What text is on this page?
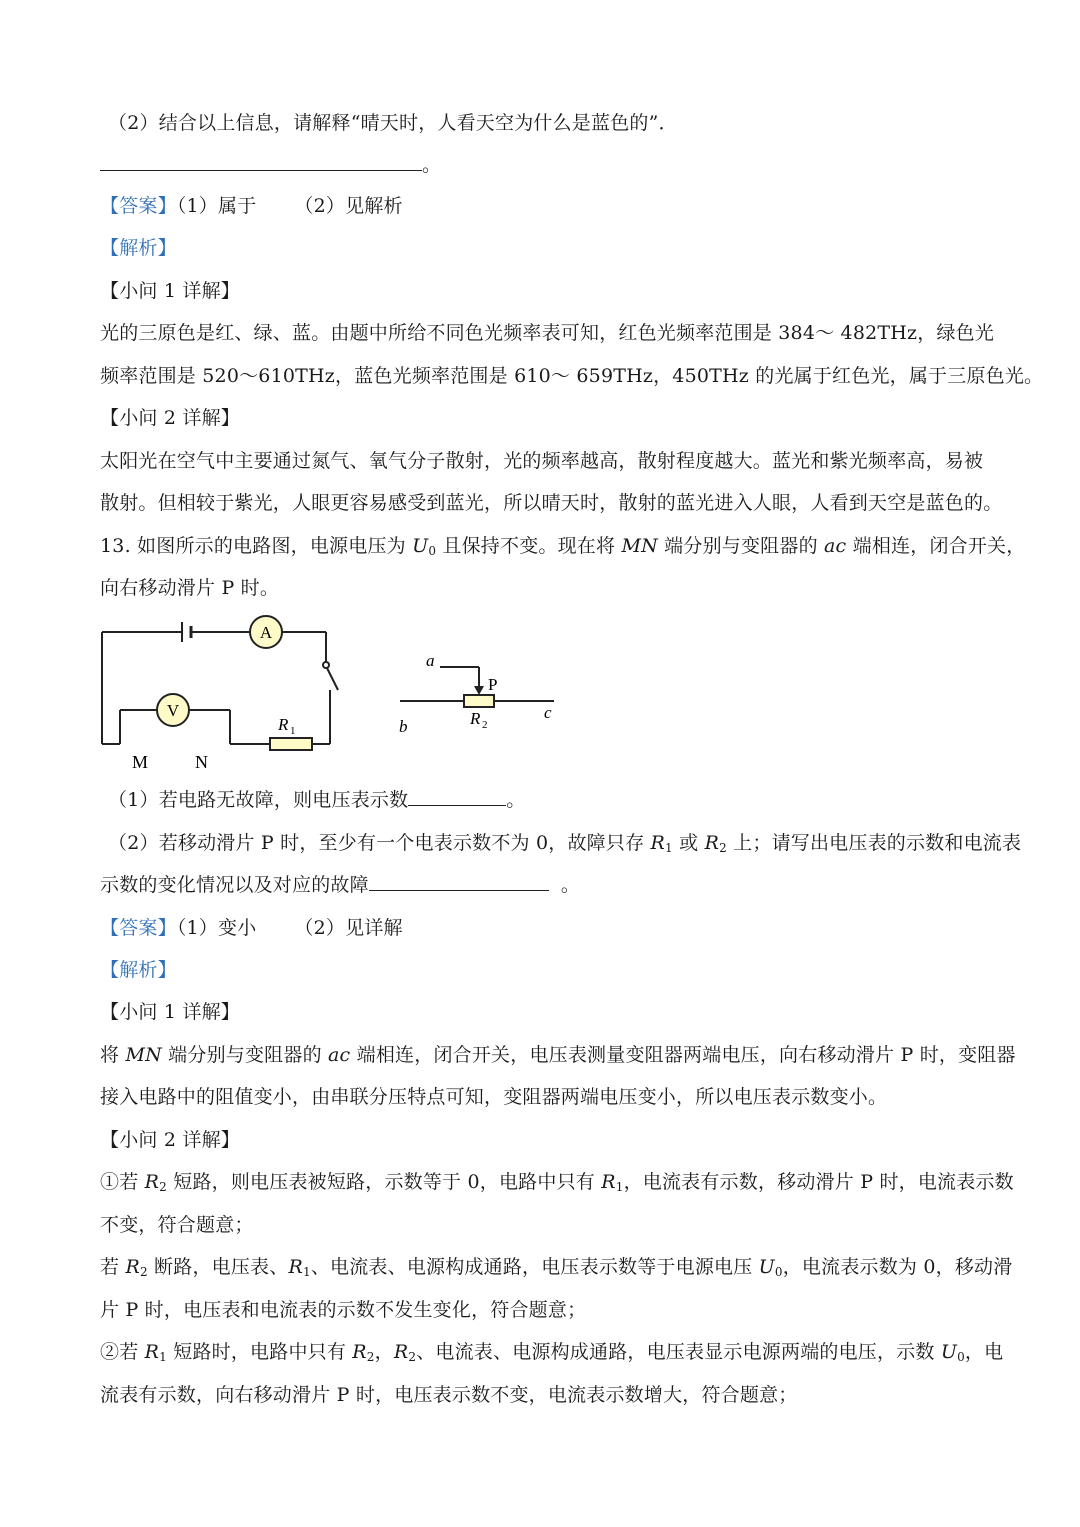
（2）结合以上信息，请解释“晴天时，人看天空为什么是蓝色的”．
。
【答案】（1）属于 （2）见解析
【解析】
【小问 1 详解】
光的三原色是红、绿、蓝。由题中所给不同色光频率表可知，红色光频率范围是 384～ 482THz，绿色光
频率范围是 520～610THz，蓝色光频率范围是 610～ 659THz，450THz 的光属于红色光，属于三原色光。
【小问 2 详解】
太阳光在空气中主要通过氮气、氧气分子散射，光的频率越高，散射程度越大。蓝光和紫光频率高，易被
散射。但相较于紫光，人眼更容易感受到蓝光，所以晴天时，散射的蓝光进入人眼，人看到天空是蓝色的。
13. 如图所示的电路图，电源电压为 $U_0$ 且保持不变。现在将 MN 端分别与变阻器的 ac 端相连，闭合开关，
向右移动滑片 P 时。
A
V
R 1
M	N
a
P
b
c
R 2
（1）若电路无故障，则电压表示数	。
（2）若移动滑片 P 时，至少有一个电表示数不为 0，故障只存 $R_1$ 或 $R_2$ 上；请写出电压表的示数和电流表
示数的变化情况以及对应的故障	。
【答案】（1）变小 （2）见详解
【解析】
【小问 1 详解】
将 MN 端分别与变阻器的 ac 端相连，闭合开关，电压表测量变阻器两端电压，向右移动滑片 P 时，变阻器
接入电路中的阻值变小，由串联分压特点可知，变阻器两端电压变小，所以电压表示数变小。
【小问 2 详解】
①若 $R_2$ 短路，则电压表被短路，示数等于 0，电路中只有 $R_1$，电流表有示数，移动滑片 P 时，电流表示数
不变，符合题意；
若 $R_2$ 断路，电压表、$R_1$、电流表、电源构成通路，电压表示数等于电源电压 $U_0$，电流表示数为 0，移动滑
片 P 时，电压表和电流表的示数不发生变化，符合题意；
②若 $R_1$ 短路时，电路中只有 $R_2$，$R_2$、电流表、电源构成通路，电压表显示电源两端的电压，示数 $U_0$，电
流表有示数，向右移动滑片 P 时，电压表示数不变，电流表示数增大，符合题意；
